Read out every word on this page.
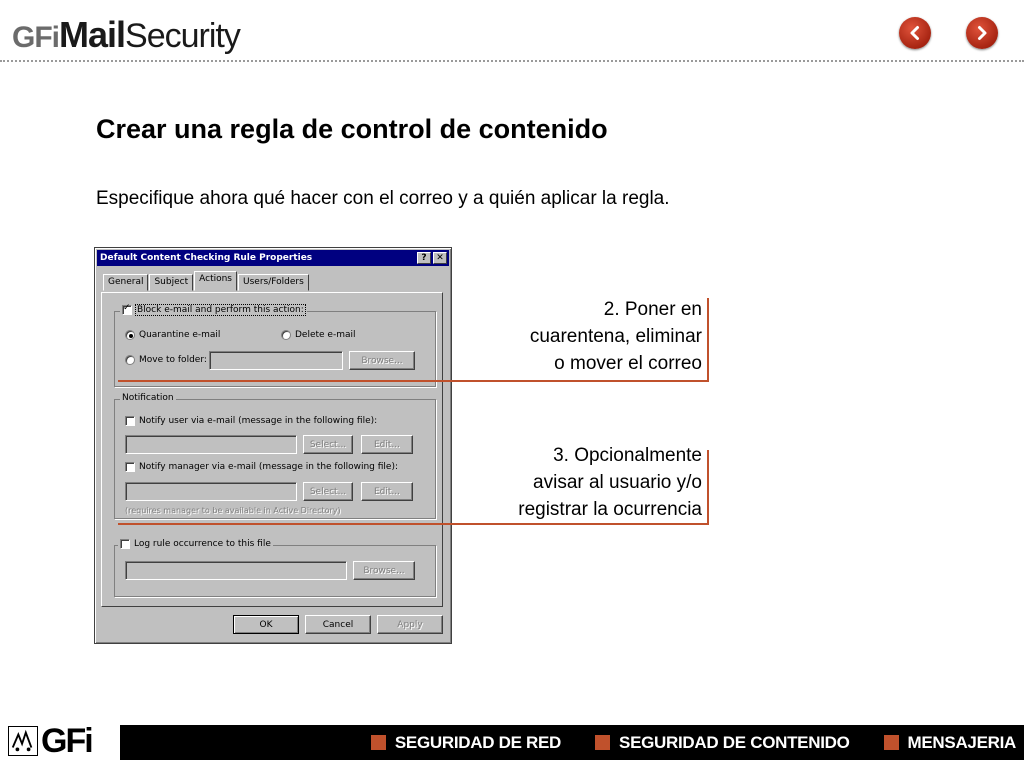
GFi Mail Security
Crear una regla de control de contenido
Especifique ahora qué hacer con el correo y a quién aplicar la regla.
Default Content Checking Rule Properties	?	✕
General	Subject	Actions	Users/Folders
✓
Block e-mail and perform this action:
Quarantine e-mail	Delete e-mail
Move to folder:	Browse...
Notification
Notify user via e-mail (message in the following file):
Select...	Edit...
Notify manager via e-mail (message in the following file):
Select...	Edit...
(requires manager to be available in Active Directory)
Log rule occurrence to this file
Browse...
OK	Cancel	Apply
2. Poner en
cuarentena, eliminar
o mover el correo
3. Opcionalmente
avisar al usuario y/o
registrar la ocurrencia
GFi	SEGURIDAD DE RED	SEGURIDAD DE CONTENIDO	MENSAJERIA
